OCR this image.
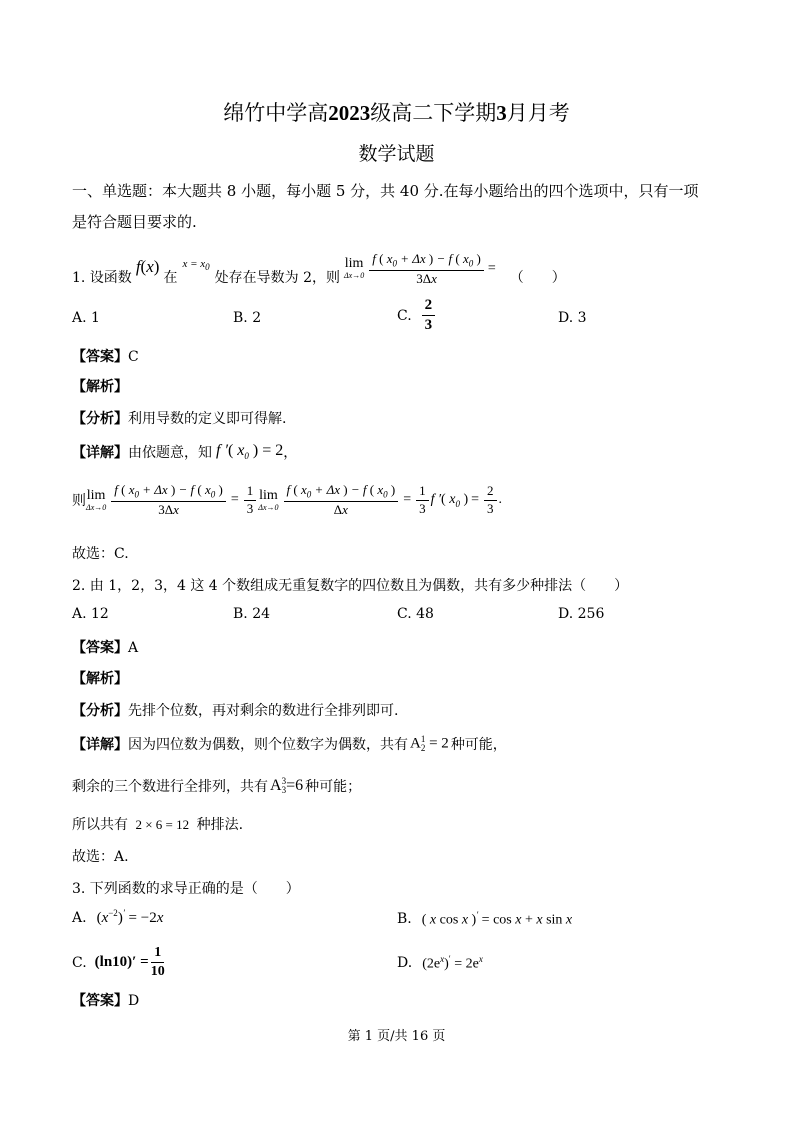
绵竹中学高2023级高二下学期3月月考
数学试题
一、单选题：本大题共 8 小题，每小题 5 分，共 40 分.在每小题给出的四个选项中，只有一项
是符合题目要求的.
1. 设函数
f(x)
在
$x = x_0$
处存在导数为 2，则
lim
$\Delta x\to 0 \frac{f ( x_0 + \Delta x ) - f ( x_0 )}{3\Delta x}$ =
（　　）
A. 1	B. 2	C. $\frac{2}{3}$	D. 3
【答案】C
【解析】
【分析】利用导数的定义即可得解.
【详解】 由依题意，知 f ′( $x_0$ ) = 2 ，
则 lim
$\Delta x\to 0 \frac{f ( x_0 + \Delta x ) - f ( x_0 )}{3\Delta x} = \frac{1}{3}$ lim
$\Delta x\to 0 \frac{f ( x_0 + \Delta x ) - f ( x_0 )}{\Delta x} = \frac{1}{3}$ f ′( $x_0$ ) = $\frac{2}{3}$ .
故选：C.
2. 由 1，2，3，4 这 4 个数组成无重复数字的四位数且为偶数，共有多少种排法（　　）
A. 12	B. 24	C. 48	D. 256
【答案】A
【解析】
【分析】先排个位数，再对剩余的数进行全排列即可.
【详解】 因为四位数为偶数，则个位数字为偶数，共有 A 1
2 = 2 种可能，
剩余的三个数进行全排列，共有 A 3
3 =6 种可能；
所以共有 2 × 6 = 12 种排法.
故选：A.
3. 下列函数的求导正确的是（　　）
A. $(x^{-2})' = -2x$	B. ( x cos x )′ = cos x + x sin x
C. $(\ln 10)' = \frac{1}{10}$	D. $(2e^x)' = 2e^x$
【答案】D
第 1 页/共 16 页
